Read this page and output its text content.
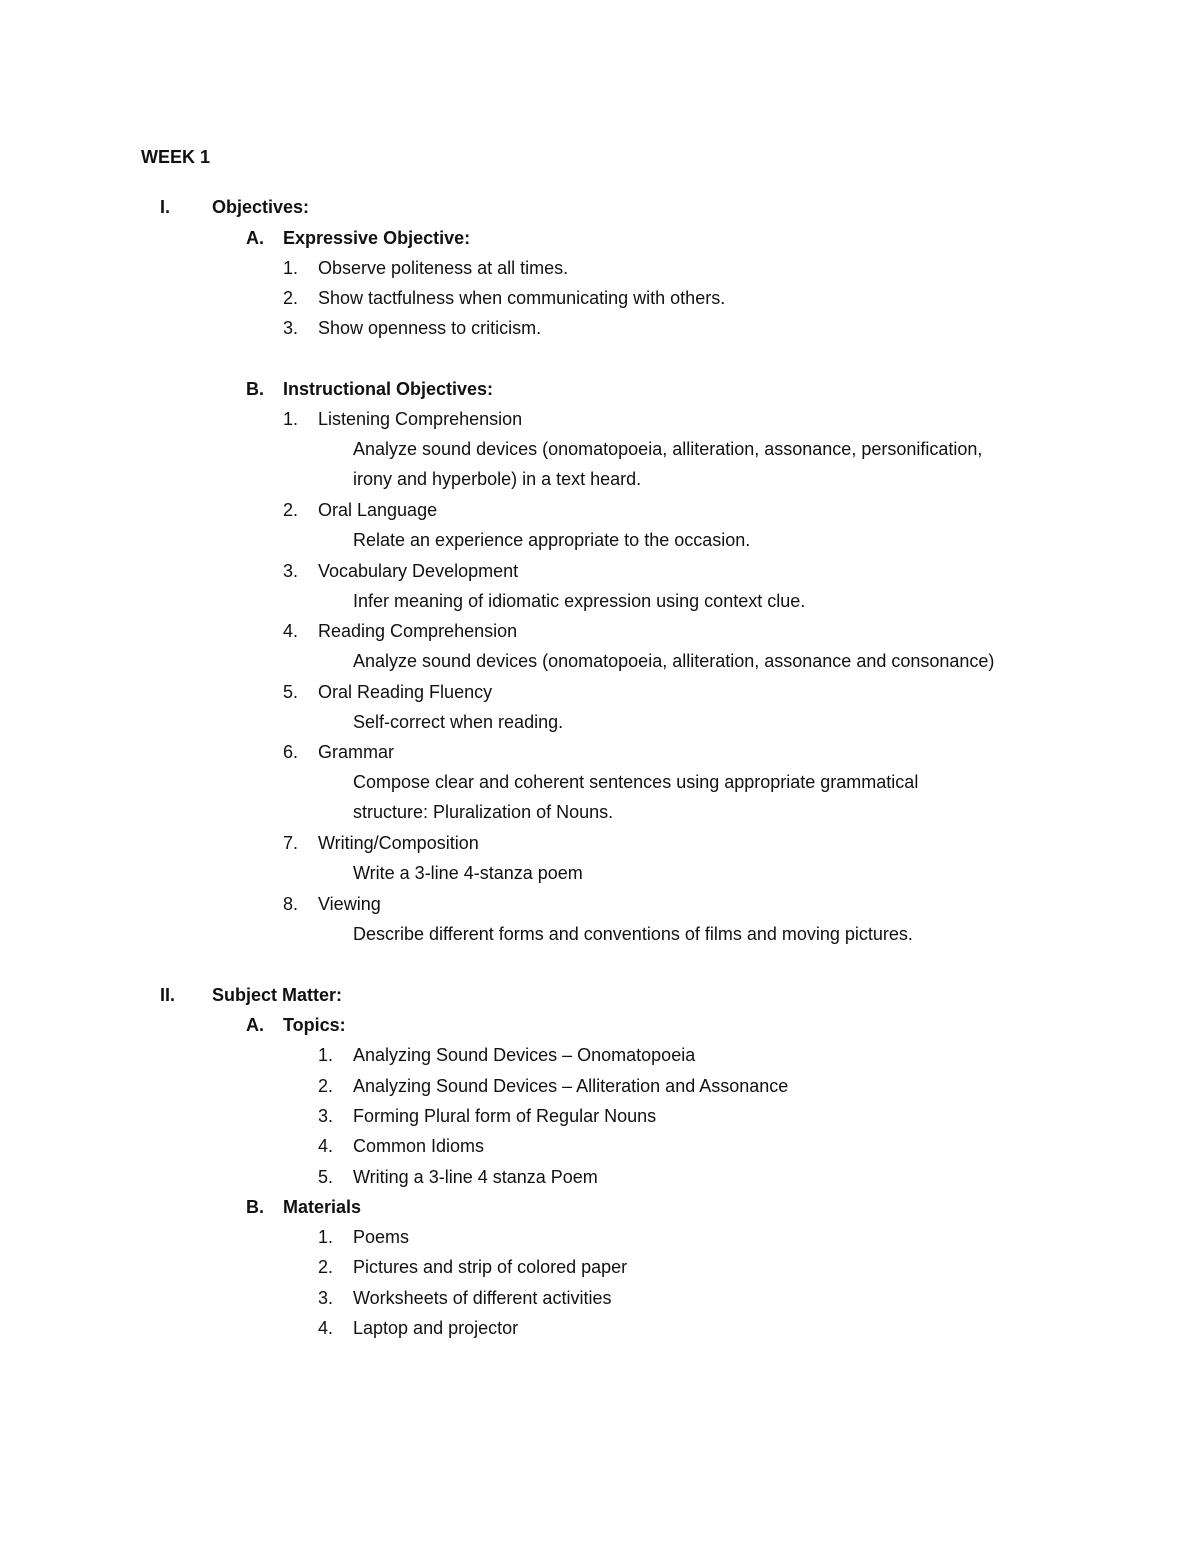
WEEK 1
I. Objectives:
A. Expressive Objective:
1. Observe politeness at all times.
2. Show tactfulness when communicating with others.
3. Show openness to criticism.
B. Instructional Objectives:
1. Listening Comprehension
Analyze sound devices (onomatopoeia, alliteration, assonance, personification,
irony and hyperbole) in a text heard.
2. Oral Language
Relate an experience appropriate to the occasion.
3. Vocabulary Development
Infer meaning of idiomatic expression using context clue.
4. Reading Comprehension
Analyze sound devices (onomatopoeia, alliteration, assonance and consonance)
5. Oral Reading Fluency
Self-correct when reading.
6. Grammar
Compose clear and coherent sentences using appropriate grammatical
structure: Pluralization of Nouns.
7. Writing/Composition
Write a 3-line 4-stanza poem
8. Viewing
Describe different forms and conventions of films and moving pictures.
II. Subject Matter:
A. Topics:
1. Analyzing Sound Devices – Onomatopoeia
2. Analyzing Sound Devices – Alliteration and Assonance
3. Forming Plural form of Regular Nouns
4. Common Idioms
5. Writing a 3-line 4 stanza Poem
B. Materials
1. Poems
2. Pictures and strip of colored paper
3. Worksheets of different activities
4. Laptop and projector
